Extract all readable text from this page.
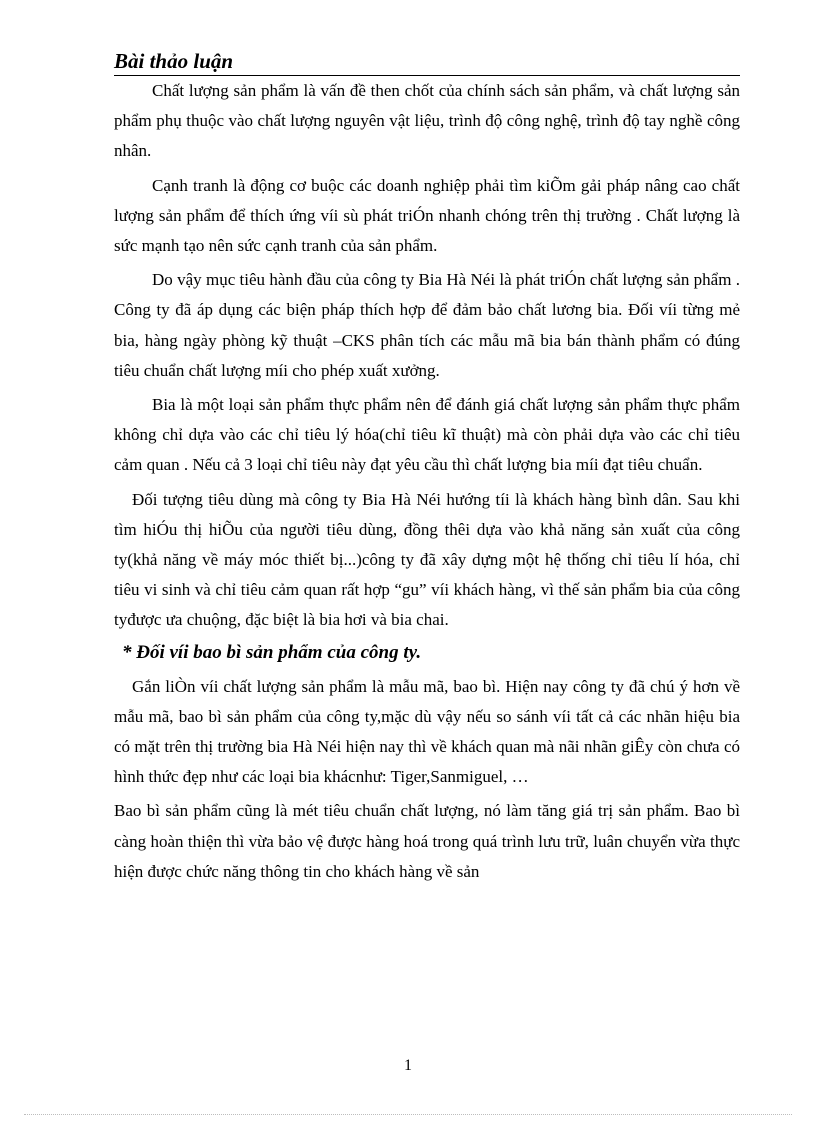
Bài thảo luận

Chất lượng sản phẩm là vấn đề then chốt của chính sách sản phẩm, và chất lượng sản phẩm phụ thuộc vào chất lượng nguyên vật liệu, trình độ công nghệ, trình độ tay nghề công nhân.

Cạnh tranh là động cơ buộc các doanh nghiệp phải tìm kiÕm gải pháp nâng cao chất lượng sản phẩm để thích ứng víi sù phát triÓn nhanh chóng trên thị trường . Chất lượng là sức mạnh tạo nên sức cạnh tranh của sản phẩm.

Do vậy mục tiêu hành đầu của công ty Bia Hà Néi là phát triÓn chất lượng sản phẩm . Công ty đã áp dụng các biện pháp thích hợp để đảm bảo chất lương bia. Đối víi từng mẻ bia, hàng ngày phòng kỹ thuật –CKS phân tích các mẫu mã bia bán thành phẩm có đúng tiêu chuẩn chất lượng míi cho phép xuất xưởng.

Bia là một loại sản phẩm thực phẩm nên để đánh giá chất lượng sản phẩm thực phẩm không chỉ dựa vào các chỉ tiêu lý hóa(chỉ tiêu kĩ thuật) mà còn phải dựa vào các chỉ tiêu cảm quan . Nếu cả 3 loại chỉ tiêu này đạt yêu cầu thì chất lượng bia míi đạt tiêu chuẩn.

Đối tượng tiêu dùng mà công ty Bia Hà Néi hướng tíi là khách hàng bình dân. Sau khi tìm hiÓu thị hiÕu của người tiêu dùng, đồng thêi dựa vào khả năng sản xuất của công ty(khả năng về máy móc thiết bị...)công ty đã xây dựng một hệ thống chỉ tiêu lí hóa, chỉ tiêu vi sinh và chỉ tiêu cảm quan rất hợp “gu” víi khách hàng, vì thế sản phẩm bia của công tyđược ưa chuộng, đặc biệt là bia hơi và bia chai.

* Đối víi bao bì sản phẩm của công ty.

Gắn liÒn víi chất lượng sản phẩm là mẫu mã, bao bì. Hiện nay công ty đã chú ý hơn về mẫu mã, bao bì sản phẩm của công ty,mặc dù vậy nếu so sánh víi tất cả các nhãn hiệu bia có mặt trên thị trường bia Hà Néi hiện nay thì về khách quan mà nãi nhãn giÊy còn chưa có hình thức đẹp như các loại bia khácnhư: Tiger,Sanmiguel, …

Bao bì sản phẩm cũng là mét tiêu chuẩn chất lượng, nó làm tăng giá trị sản phẩm. Bao bì càng hoàn thiện thì vừa bảo vệ được hàng hoá trong quá trình lưu trữ, luân chuyển vừa thực hiện được chức năng thông tin cho khách hàng về sản

1
